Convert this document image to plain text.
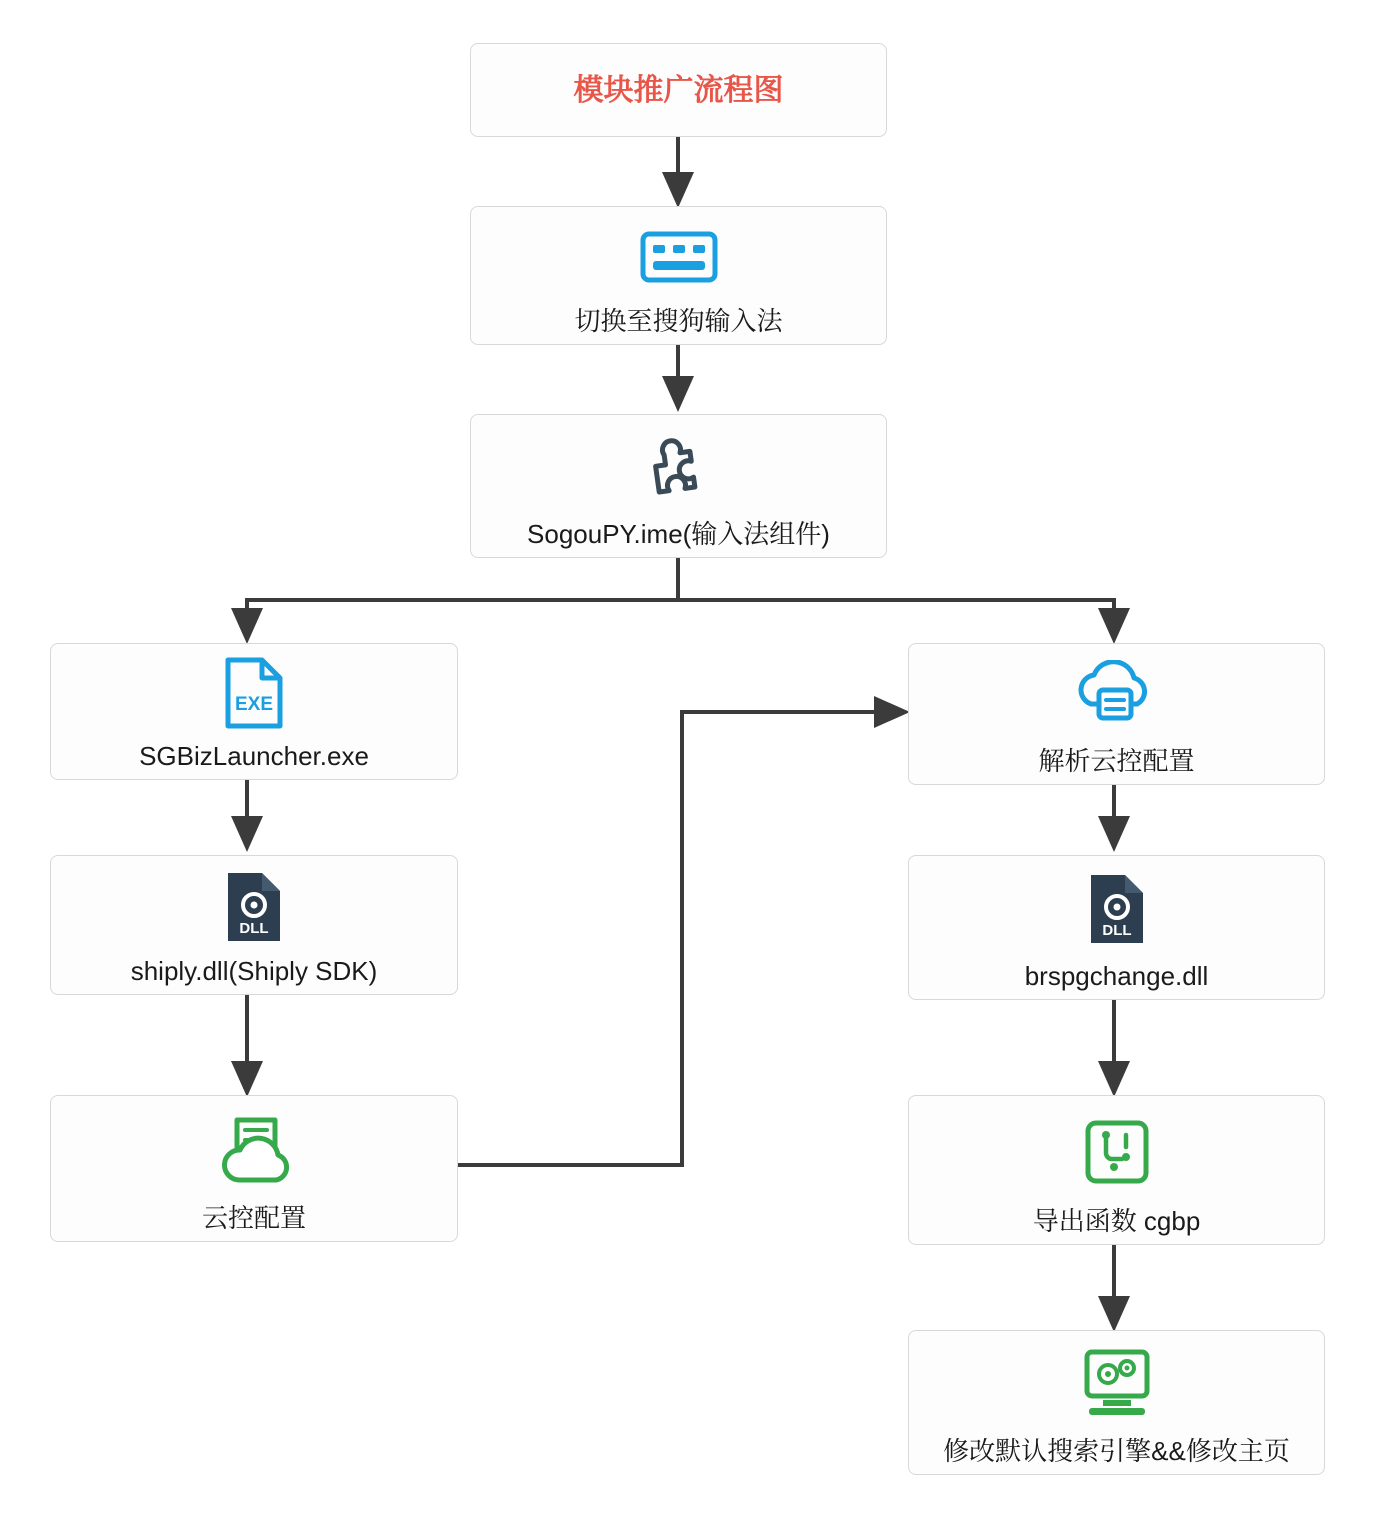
模块推广流程图
切换至搜狗输入法
SogouPY.ime(输入法组件)
EXE
SGBizLauncher.exe
DLL
shiply.dll(Shiply SDK)
云控配置
解析云控配置
DLL
brspgchange.dll
导出函数 cgbp
修改默认搜索引擎&&修改主页
